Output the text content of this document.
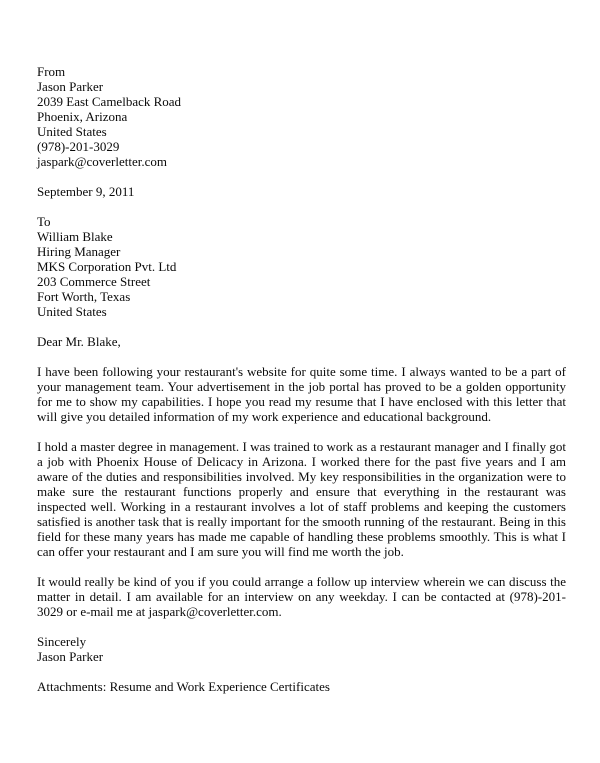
From
Jason Parker
2039 East Camelback Road
Phoenix, Arizona
United States
(978)-201-3029
jaspark@coverletter.com
September 9, 2011
To
William Blake
Hiring Manager
MKS Corporation Pvt. Ltd
203 Commerce Street
Fort Worth, Texas
United States
Dear Mr. Blake,

I have been following your restaurant's website for quite some time. I always wanted to be a part of your management team. Your advertisement in the job portal has proved to be a golden opportunity for me to show my capabilities. I hope you read my resume that I have enclosed with this letter that will give you detailed information of my work experience and educational background.

I hold a master degree in management. I was trained to work as a restaurant manager and I finally got a job with Phoenix House of Delicacy in Arizona. I worked there for the past five years and I am aware of the duties and responsibilities involved. My key responsibilities in the organization were to make sure the restaurant functions properly and ensure that everything in the restaurant was inspected well. Working in a restaurant involves a lot of staff problems and keeping the customers satisfied is another task that is really important for the smooth running of the restaurant. Being in this field for these many years has made me capable of handling these problems smoothly. This is what I can offer your restaurant and I am sure you will find me worth the job.

It would really be kind of you if you could arrange a follow up interview wherein we can discuss the matter in detail. I am available for an interview on any weekday. I can be contacted at (978)-201-3029 or e-mail me at jaspark@coverletter.com.

Sincerely
Jason Parker
Attachments: Resume and Work Experience Certificates
